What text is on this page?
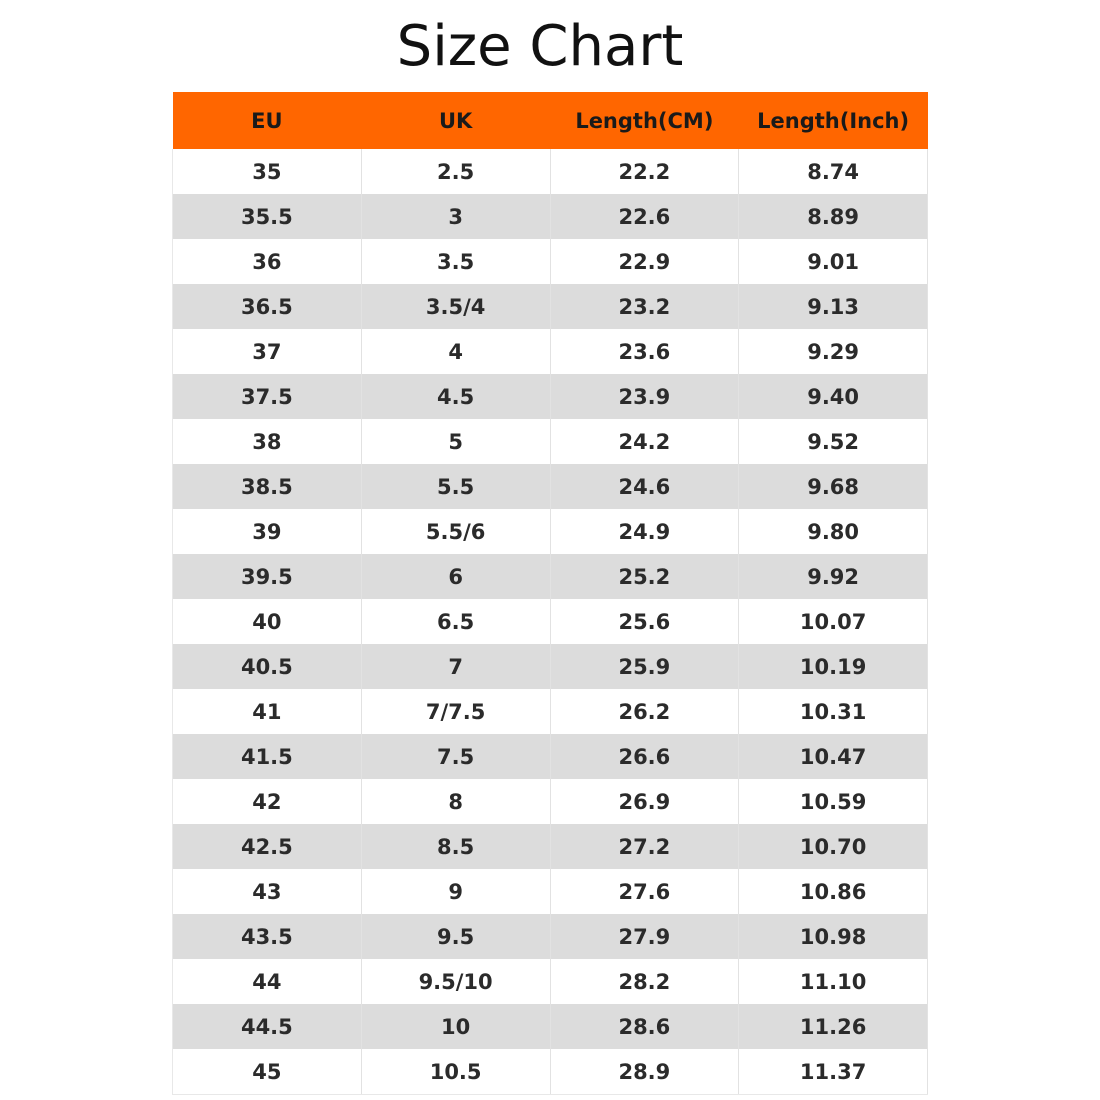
Size Chart
EU	UK	Length(CM)	Length(Inch)
35	2.5	22.2	8.74
35.5	3	22.6	8.89
36	3.5	22.9	9.01
36.5	3.5/4	23.2	9.13
37	4	23.6	9.29
37.5	4.5	23.9	9.40
38	5	24.2	9.52
38.5	5.5	24.6	9.68
39	5.5/6	24.9	9.80
39.5	6	25.2	9.92
40	6.5	25.6	10.07
40.5	7	25.9	10.19
41	7/7.5	26.2	10.31
41.5	7.5	26.6	10.47
42	8	26.9	10.59
42.5	8.5	27.2	10.70
43	9	27.6	10.86
43.5	9.5	27.9	10.98
44	9.5/10	28.2	11.10
44.5	10	28.6	11.26
45	10.5	28.9	11.37
